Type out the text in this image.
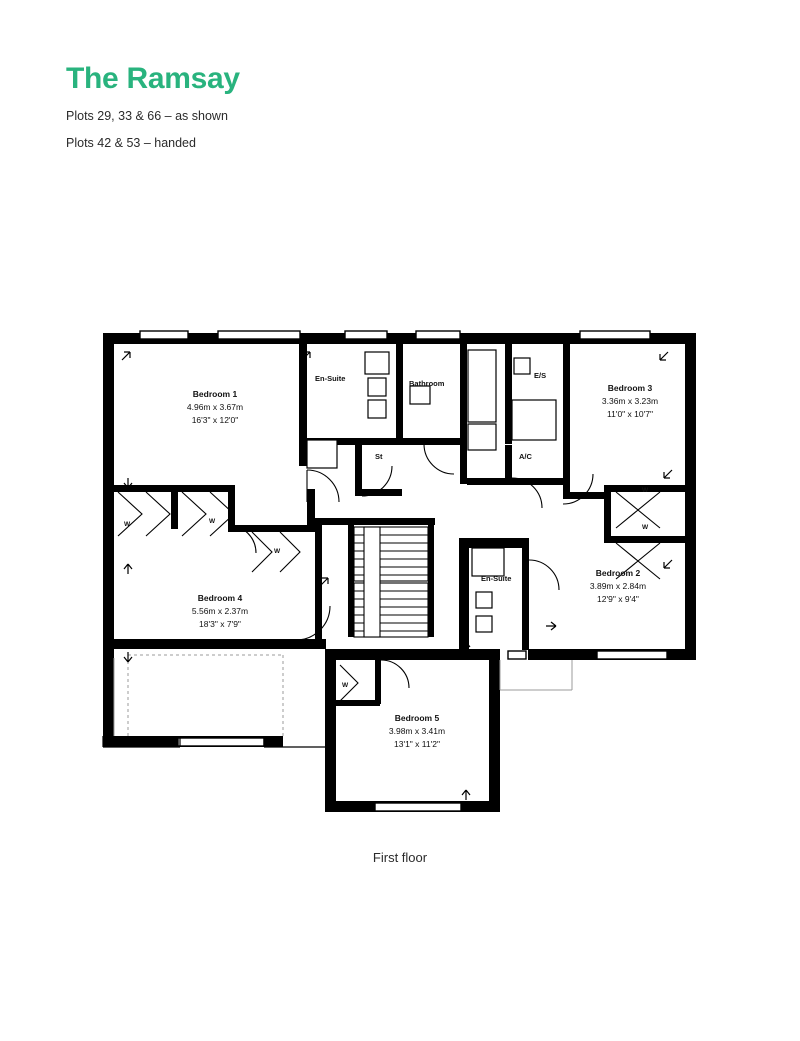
The Ramsay

Plots 29, 33 & 66 – as shown

Plots 42 & 53 – handed

Bedroom 1
4.96m x 3.67m
16'3" x 12'0"
Bedroom 3
3.36m x 3.23m
11'0" x 10'7"
Bedroom 2
3.89m x 2.84m
12'9" x 9'4"
Bedroom 4
5.56m x 2.37m
18'3" x 7'9"
Bedroom 5
3.98m x 3.41m
13'1" x 11'2"
En-Suite
Bathroom
E/S
St	A/C
En-Suite
W	W
W
W
W
W
First floor
